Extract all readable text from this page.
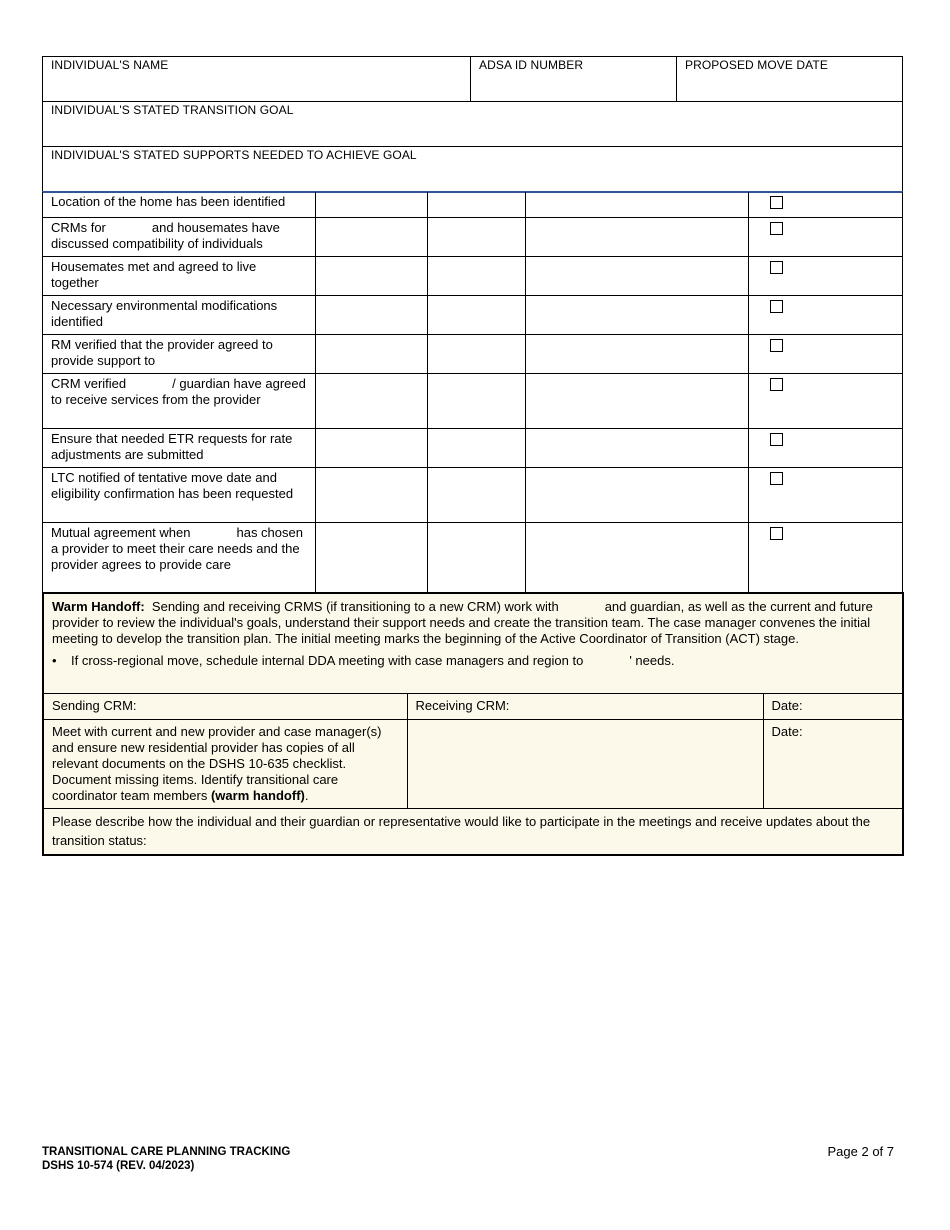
INDIVIDUAL'S NAME	ADSA ID NUMBER	PROPOSED MOVE DATE
INDIVIDUAL'S STATED TRANSITION GOAL
INDIVIDUAL'S STATED SUPPORTS NEEDED TO ACHIEVE GOAL
Location of the home has been identified				
CRMs for and housemates have discussed compatibility of individuals				
Housemates met and agreed to live together				
Necessary environmental modifications identified				
RM verified that the provider agreed to provide support to				
CRM verified / guardian have agreed to receive services from the provider				
Ensure that needed ETR requests for rate adjustments are submitted				
LTC notified of tentative move date and eligibility confirmation has been requested				
Mutual agreement when has chosen a provider to meet their care needs and the provider agrees to provide care				

Warm Handoff: Sending and receiving CRMS (if transitioning to a new CRM) work with and guardian, as well as the current and future provider to review the individual's goals, understand their support needs and create the transition team. The case manager convenes the initial meeting to develop the transition plan. The initial meeting marks the beginning of the Active Coordinator of Transition (ACT) stage.

• If cross-regional move, schedule internal DDA meeting with case managers and region to ' needs.		

Sending CRM:	Receiving CRM:	Date:
Meet with current and new provider and case manager(s) and ensure new residential provider has copies of all relevant documents on the DSHS 10-635 checklist. Document missing items. Identify transitional care coordinator team members (warm handoff).		Date:
Please describe how the individual and their guardian or representative would like to participate in the meetings and receive updates about the transition status:		
TRANSITIONAL CARE PLANNING TRACKING
DSHS 10-574 (REV. 04/2023)
Page 2 of 7
